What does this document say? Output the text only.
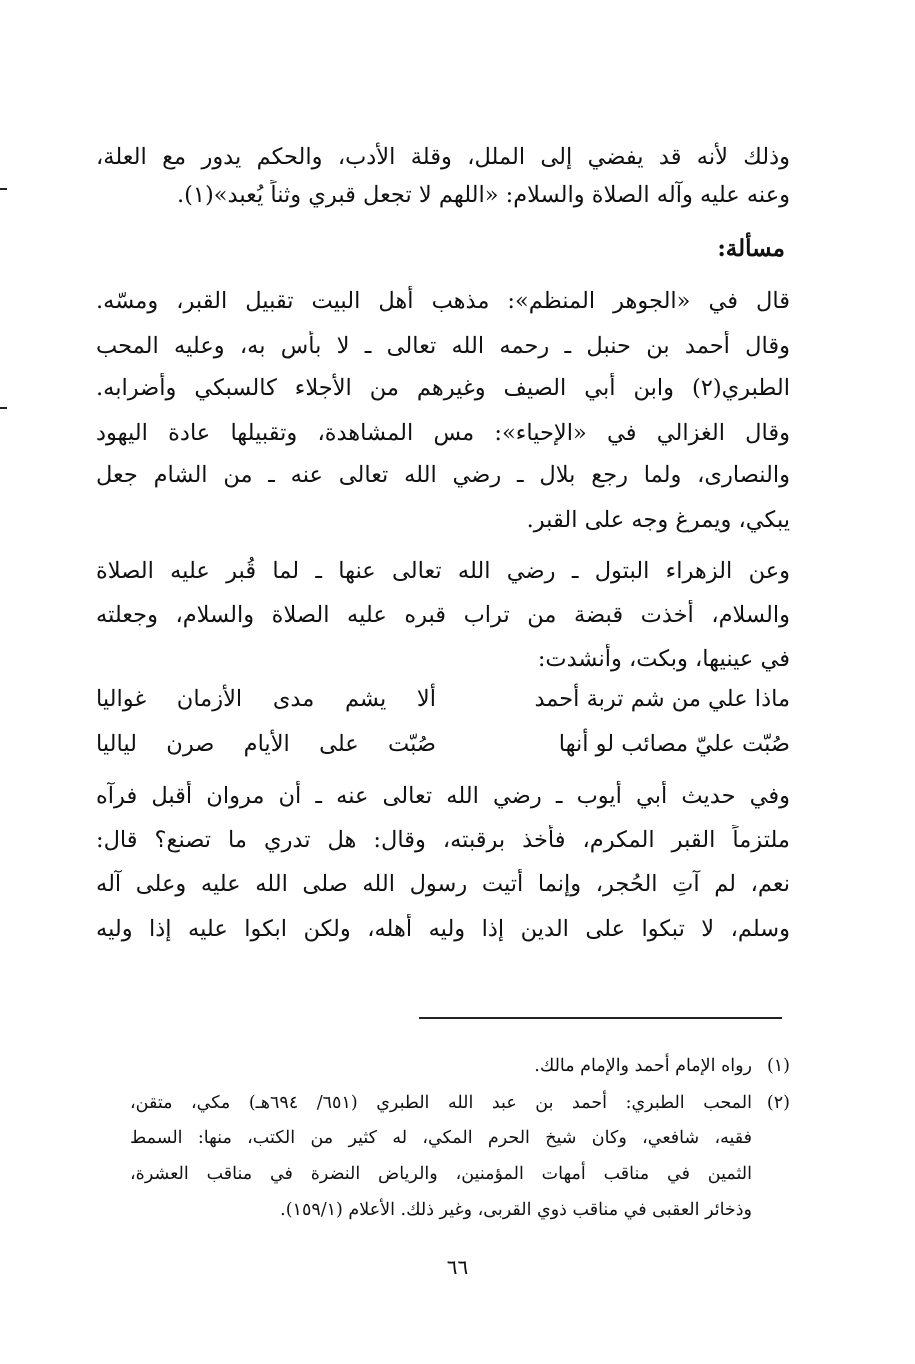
وذلك لأنه قد يفضي إلى الملل، وقلة الأدب، والحكم يدور مع العلة،
وعنه عليه وآله الصلاة والسلام: «اللهم لا تجعل قبري وثناً يُعبد»(١).
مسألة:
قال في «الجوهر المنظم»: مذهب أهل البيت تقبيل القبر، ومسّه.
وقال أحمد بن حنبل ـ رحمه الله تعالى ـ لا بأس به، وعليه المحب
الطبري(٢) وابن أبي الصيف وغيرهم من الأجلاء كالسبكي وأضرابه.
وقال الغزالي في «الإحياء»: مس المشاهدة، وتقبيلها عادة اليهود
والنصارى، ولما رجع بلال ـ رضي الله تعالى عنه ـ من الشام جعل
يبكي، ويمرغ وجه على القبر.
وعن الزهراء البتول ـ رضي الله تعالى عنها ـ لما قُبر عليه الصلاة
والسلام، أخذت قبضة من تراب قبره عليه الصلاة والسلام، وجعلته
في عينيها، وبكت، وأنشدت:
ماذا علي من شم تربة أحمد
ألا يشم مدى الأزمان غواليا
صُبّت عليّ مصائب لو أنها
صُبّت على الأيام صرن لياليا
وفي حديث أبي أيوب ـ رضي الله تعالى عنه ـ أن مروان أقبل فرآه
ملتزماً القبر المكرم، فأخذ برقبته، وقال: هل تدري ما تصنع؟ قال:
نعم، لم آتِ الحُجر، وإنما أتيت رسول الله صلى الله عليه وعلى آله
وسلم، لا تبكوا على الدين إذا وليه أهله، ولكن ابكوا عليه إذا وليه
(١)رواه الإمام أحمد والإمام مالك.
(٢)المحب الطبري: أحمد بن عبد الله الطبري (٦٥١/ ٦٩٤هـ) مكي، متقن،
فقيه، شافعي، وكان شيخ الحرم المكي، له كثير من الكتب، منها: السمط
الثمين في مناقب أمهات المؤمنين، والرياض النضرة في مناقب العشرة،
وذخائر العقبى في مناقب ذوي القربى، وغير ذلك. الأعلام (١٥٩/١).
٦٦
